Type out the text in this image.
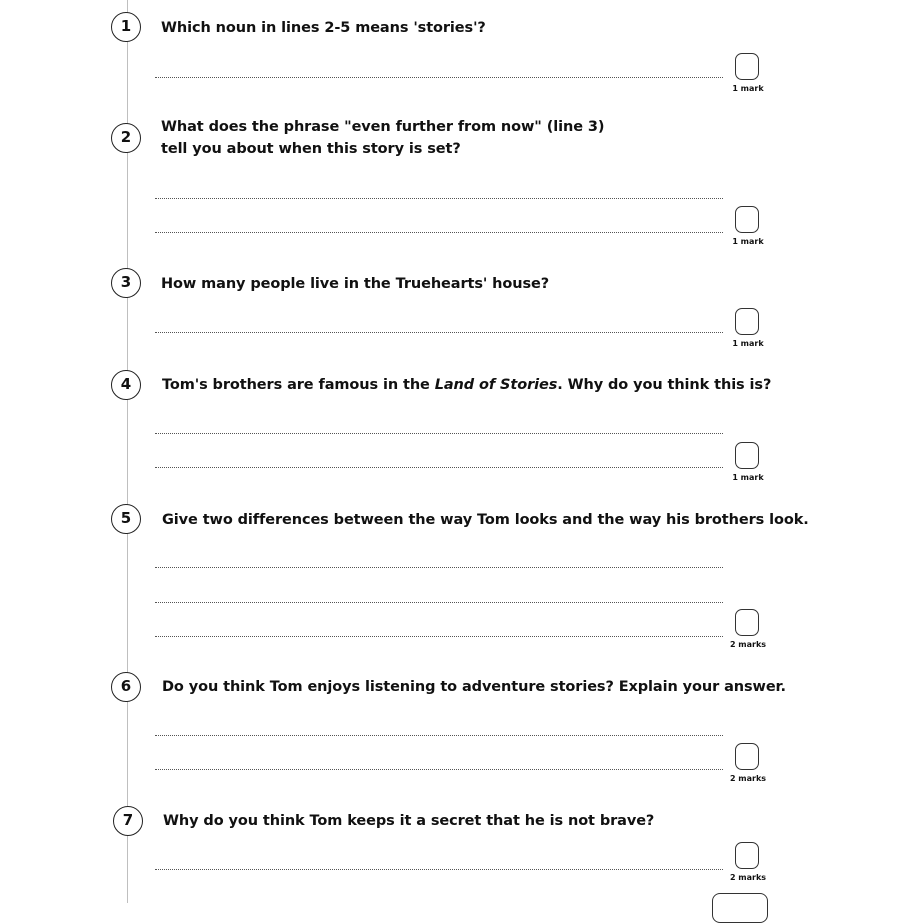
1	Which noun in lines 2-5 means 'stories'?
1 mark
2
What does the phrase "even further from now" (line 3)
tell you about when this story is set?
1 mark
3	How many people live in the Truehearts' house?
1 mark
4	Tom's brothers are famous in the Land of Stories. Why do you think this is?
1 mark
5	Give two differences between the way Tom looks and the way his brothers look.
2 marks
6	Do you think Tom enjoys listening to adventure stories? Explain your answer.
2 marks
7	Why do you think Tom keeps it a secret that he is not brave?
2 marks
